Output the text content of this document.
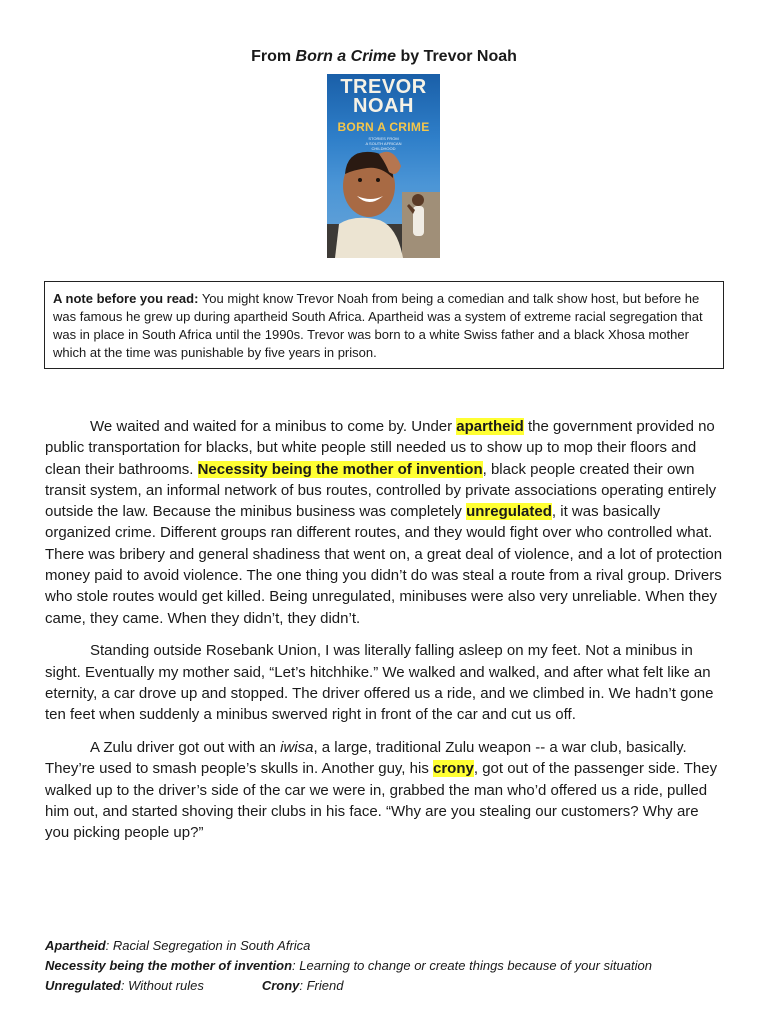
From Born a Crime by Trevor Noah
TREVOR
NOAH
BORN A CRIME
STORIES FROM
A SOUTH AFRICAN
CHILDHOOD
A note before you read: You might know Trevor Noah from being a comedian and talk show host, but before he was famous he grew up during apartheid South Africa. Apartheid was a system of extreme racial segregation that was in place in South Africa until the 1990s. Trevor was born to a white Swiss father and a black Xhosa mother which at the time was punishable by five years in prison.

We waited and waited for a minibus to come by. Under apartheid the government provided no public transportation for blacks, but white people still needed us to show up to mop their floors and clean their bathrooms. Necessity being the mother of invention, black people created their own transit system, an informal network of bus routes, controlled by private associations operating entirely outside the law. Because the minibus business was completely unregulated, it was basically organized crime. Different groups ran different routes, and they would fight over who controlled what. There was bribery and general shadiness that went on, a great deal of violence, and a lot of protection money paid to avoid violence. The one thing you didn’t do was steal a route from a rival group. Drivers who stole routes would get killed. Being unregulated, minibuses were also very unreliable. When they came, they came. When they didn’t, they didn’t.

Standing outside Rosebank Union, I was literally falling asleep on my feet. Not a minibus in sight. Eventually my mother said, “Let’s hitchhike.” We walked and walked, and after what felt like an eternity, a car drove up and stopped. The driver offered us a ride, and we climbed in. We hadn’t gone ten feet when suddenly a minibus swerved right in front of the car and cut us off.

A Zulu driver got out with an iwisa, a large, traditional Zulu weapon -- a war club, basically. They’re used to smash people’s skulls in. Another guy, his crony, got out of the passenger side. They walked up to the driver’s side of the car we were in, grabbed the man who’d offered us a ride, pulled him out, and started shoving their clubs in his face. “Why are you stealing our customers? Why are you picking people up?”

Apartheid: Racial Segregation in South Africa
Necessity being the mother of invention: Learning to change or create things because of your situation
Unregulated: Without rules	Crony: Friend
